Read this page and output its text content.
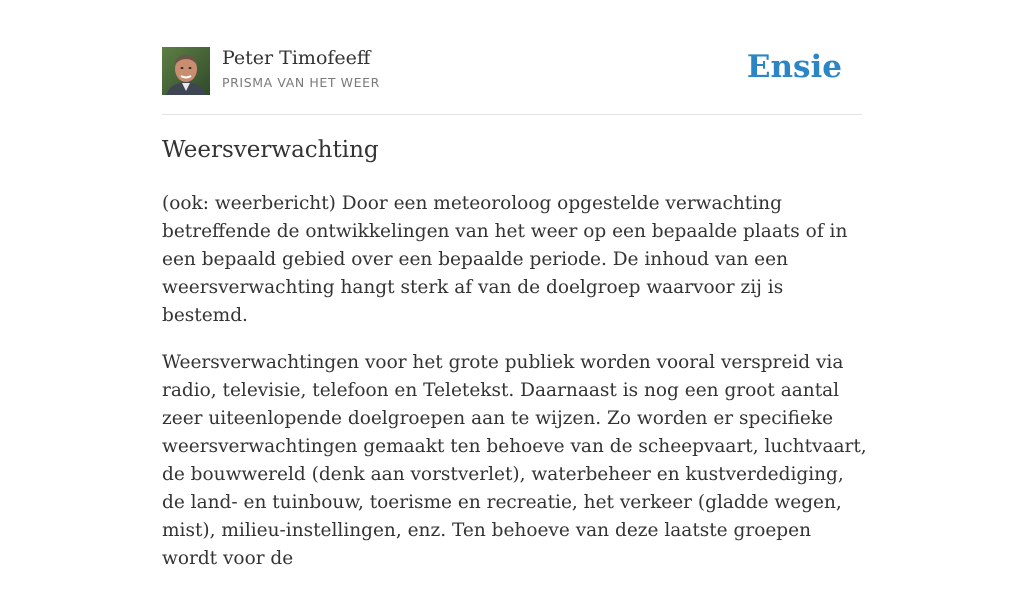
Peter Timofeeff
PRISMA VAN HET WEER	Ensie
Weersverwachting

(ook: weerbericht) Door een meteoroloog opgestelde verwachting betreffende de ontwikkelingen van het weer op een bepaalde plaats of in een bepaald gebied over een bepaalde periode. De inhoud van een weersverwachting hangt sterk af van de doelgroep waarvoor zij is bestemd.

Weersverwachtingen voor het grote publiek worden vooral verspreid via radio, televisie, telefoon en Teletekst. Daarnaast is nog een groot aantal zeer uiteenlopende doelgroepen aan te wijzen. Zo worden er specifieke weersverwachtingen gemaakt ten behoeve van de scheepvaart, luchtvaart, de bouwwereld (denk aan vorstverlet), waterbeheer en kustverdediging, de land- en tuinbouw, toerisme en recreatie, het verkeer (gladde wegen, mist), milieu-instellingen, enz. Ten behoeve van deze laatste groepen wordt voor de
